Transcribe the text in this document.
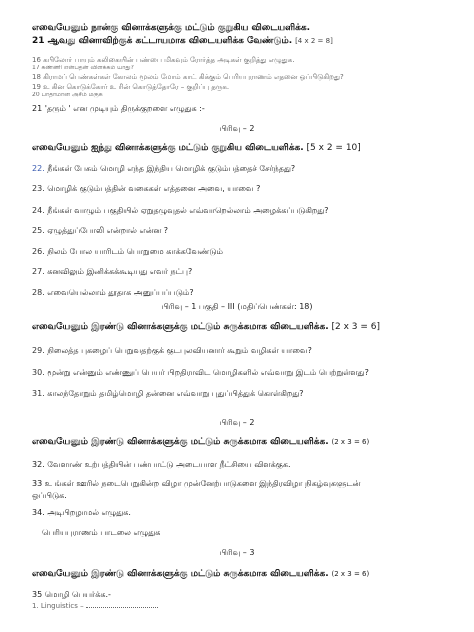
எவையேனும் நான்கு வினாக்களுக்கு மட்டும் குறுகிய விடையளிக்க.
21 ஆவது வினாவிற்குக் கட்டாயமாக விடையளிக்க வேண்டும். [4 x 2 = 8]
16 கபிலோர் பாயும் கலிகையின் பண்பை மிகவும் ரோர்த்த அடிகள் குறித்து எழுதுக.
17 கண்ணி என்பதன் விளக்கம் யாது?
18 கிராமப் பெண்கள்கள் கோலம் மூலம் மோம் காட் கிக்கும் பெரியபுராணம் எதனை ஒப்பிடுகிறது?
19 உ கின கொடுக்கோர் உ ரின் கொடுத்தோரே – குறிப்பு தருக.
20 பாதாமான அசீம் மகுக
21 'தரும் ' என முடியும் திருக்குறளை எழுதுக :-
பிரிவு – 2
எவையேனும் ஐந்து வினாக்களுக்கு மட்டும் குறுகிய விடையளிக்க. [5 x 2 = 10]
22. நீங்கள் பேசும் மொழி எந்த இந்திய மொழிக் குடும்பத்தைச் சேர்ந்தது?
23. மொழிக் குடும்பத்தின் வகைகள் எத்தனை அவை, யாவை ?
24. நீங்கள் வாழும் பகுதியில் ஏறுதழுவுதல் எவ்வாறெல்லாம் அழைக்கப்படுகிறது?
25. ஏழுத்துப்போலி என்றால் என்ன ?
26. நிலம் போல யாரிடம் பொறுமை காக்கவேண்டும்
27. கனவிலும் இனிக்கக்கூடியது எவர் நட்பு?
28. எவையெல்லாம் தூதாக அனுப்பப்படும்?
பிரிவு – 1 பகுதி – III (மதிப்பெண்கள்: 18)
எவையேனும் இரண்டு வினாக்களுக்கு மட்டும் சுருக்கமாக விடையளிக்க. [2 x 3 = 6]
29. நிலைத்த புகழைப் பெறுவதற்குக் குடபுலவியனார் கூறும் வழிகள் யாவை?
30. மூன்று என்னும் எண்ணுப் பெயர் பிறதிராவிட மொழிகளில் எவ்வாறு இடம் பெற்றுள்ளது?
31. காலந்தோறும் தமிழ்மொழி தன்னை எவ்வாறு புதுப்பித்துக் கொள்கிறது?
பிரிவு – 2
எவையேனும் இரண்டு வினாக்களுக்கு மட்டும் சுருக்கமாக விடையளிக்க. (2 x 3 = 6)
32. வேளாண் உற்பத்தியின் பண்பாட்டு அடையாள நீட்சியை விளக்குக.
33 உ ங்கள் ஊரில் நடைபெறுகின்ற விழா முன்னேற்பாடுகளை இந்திரவிழா நிகழ்வுகளுடன்
ஒப்பிடுக.
34. அடிபிறழாமல் எழுதுக.
பெரியபுராணம் பாடலை எழுதுக
பிரிவு – 3
எவையேனும் இரண்டு வினாக்களுக்கு மட்டும் சுருக்கமாக விடையளிக்க. (2 x 3 = 6)
35 மொழி பெயர்க்க.-
1. Linguistics –
